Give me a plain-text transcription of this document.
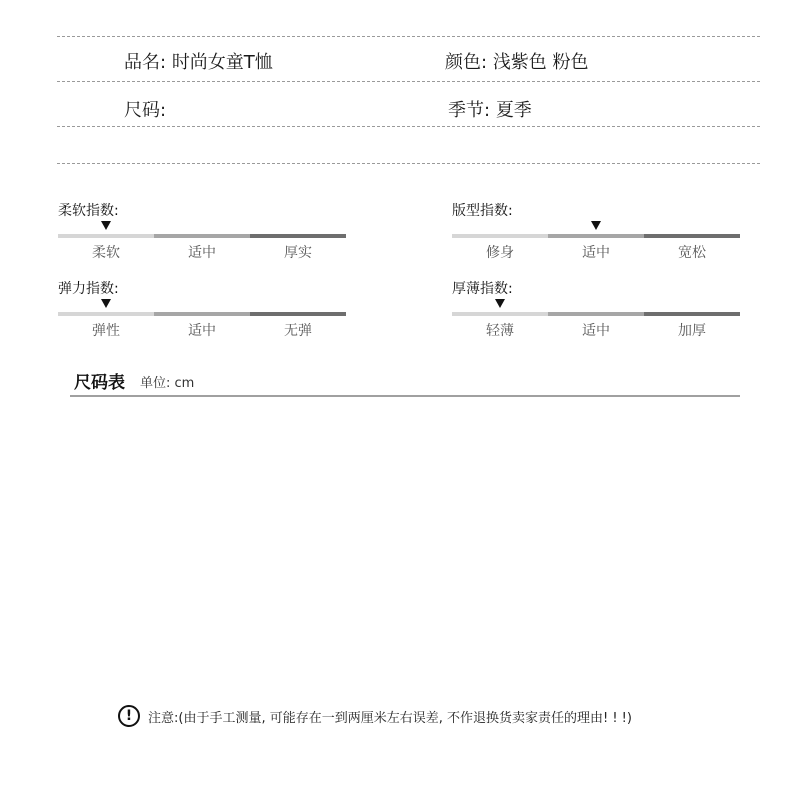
品名: 时尚女童T恤	颜色: 浅紫色 粉色
尺码:	季节: 夏季
柔软指数:
柔软	适中	厚实
版型指数:
修身	适中	宽松
弹力指数:
弹性	适中	无弹
厚薄指数:
轻薄	适中	加厚
尺码表 单位: cm
!	注意:(由于手工测量, 可能存在一到两厘米左右误差, 不作退换货卖家责任的理由! ! !)
